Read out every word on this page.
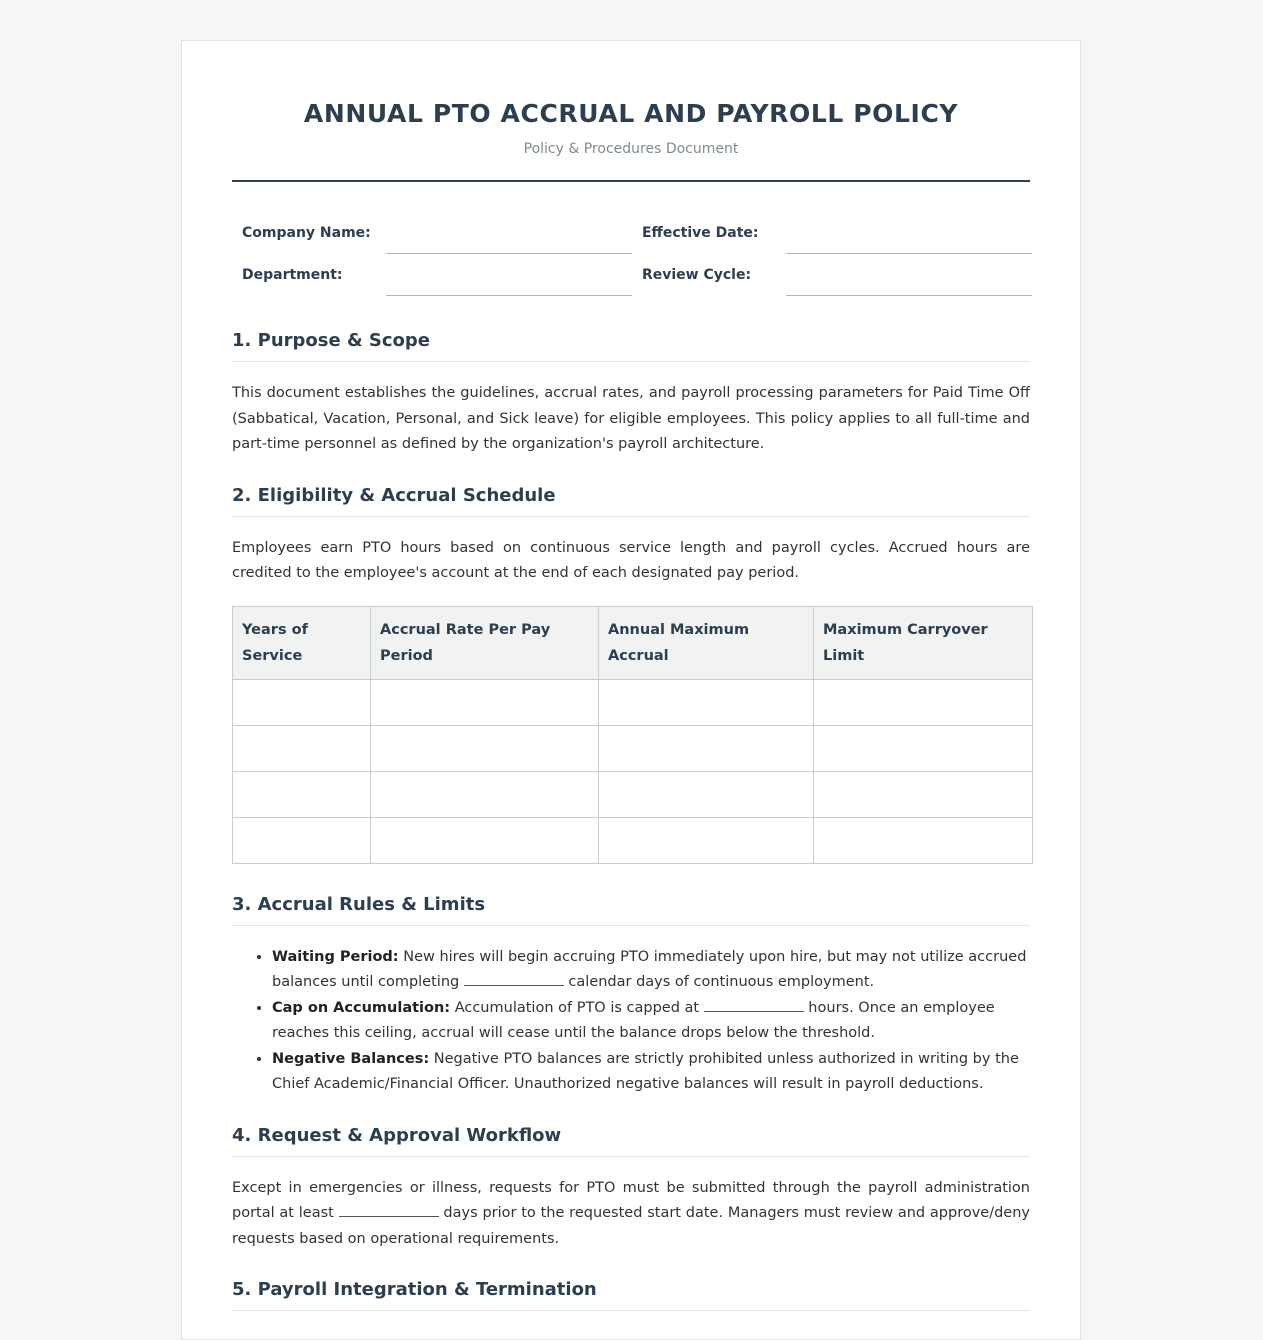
ANNUAL PTO ACCRUAL AND PAYROLL POLICY
Policy & Procedures Document
Company Name:		Effective Date:	

Department:		Review Cycle:	
1. Purpose & Scope

This document establishes the guidelines, accrual rates, and payroll processing parameters for Paid Time Off (Sabbatical, Vacation, Personal, and Sick leave) for eligible employees. This policy applies to all full-time and part-time personnel as defined by the organization's payroll architecture.

2. Eligibility & Accrual Schedule

Employees earn PTO hours based on continuous service length and payroll cycles. Accrued hours are credited to the employee's account at the end of each designated pay period.

Years of Service	Accrual Rate Per Pay Period	Annual Maximum Accrual	Maximum Carryover Limit

3. Accrual Rules & Limits
• Waiting Period: New hires will begin accruing PTO immediately upon hire, but may not utilize accrued balances until completing	calendar days of continuous employment.
• Cap on Accumulation: Accumulation of PTO is capped at	hours. Once an employee reaches this ceiling, accrual will cease until the balance drops below the threshold.
• Negative Balances: Negative PTO balances are strictly prohibited unless authorized in writing by the Chief Academic/Financial Officer. Unauthorized negative balances will result in payroll deductions.
4. Request & Approval Workflow

Except in emergencies or illness, requests for PTO must be submitted through the payroll administration portal at least	days prior to the requested start date. Managers must review and approve/deny requests based on operational requirements.

5. Payroll Integration & Termination
